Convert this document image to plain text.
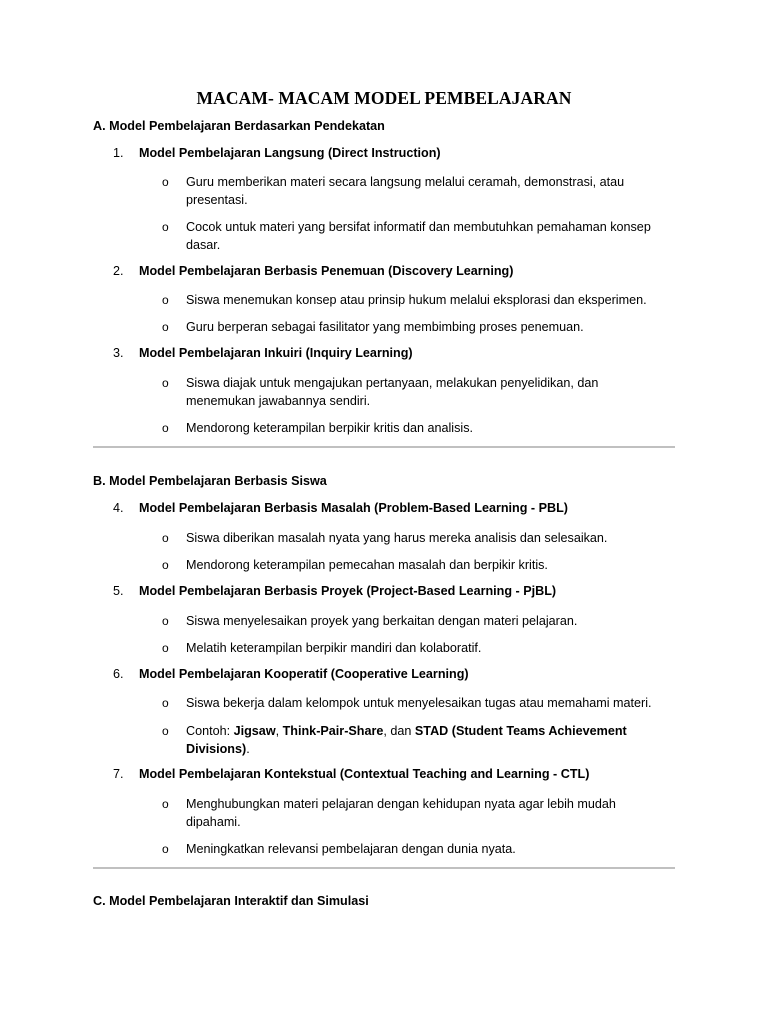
MACAM- MACAM MODEL PEMBELAJARAN
A. Model Pembelajaran Berdasarkan Pendekatan
1. Model Pembelajaran Langsung (Direct Instruction)
o	Guru memberikan materi secara langsung melalui ceramah, demonstrasi, atau presentasi.
o	Cocok untuk materi yang bersifat informatif dan membutuhkan pemahaman konsep dasar.
2. Model Pembelajaran Berbasis Penemuan (Discovery Learning)
o	Siswa menemukan konsep atau prinsip hukum melalui eksplorasi dan eksperimen.
o	Guru berperan sebagai fasilitator yang membimbing proses penemuan.
3. Model Pembelajaran Inkuiri (Inquiry Learning)
o	Siswa diajak untuk mengajukan pertanyaan, melakukan penyelidikan, dan menemukan jawabannya sendiri.
o	Mendorong keterampilan berpikir kritis dan analisis.
B. Model Pembelajaran Berbasis Siswa
4. Model Pembelajaran Berbasis Masalah (Problem-Based Learning - PBL)
o	Siswa diberikan masalah nyata yang harus mereka analisis dan selesaikan.
o	Mendorong keterampilan pemecahan masalah dan berpikir kritis.
5. Model Pembelajaran Berbasis Proyek (Project-Based Learning - PjBL)
o	Siswa menyelesaikan proyek yang berkaitan dengan materi pelajaran.
o	Melatih keterampilan berpikir mandiri dan kolaboratif.
6. Model Pembelajaran Kooperatif (Cooperative Learning)
o	Siswa bekerja dalam kelompok untuk menyelesaikan tugas atau memahami materi.
o	Contoh: Jigsaw, Think-Pair-Share, dan STAD (Student Teams Achievement Divisions).
7. Model Pembelajaran Kontekstual (Contextual Teaching and Learning - CTL)
o	Menghubungkan materi pelajaran dengan kehidupan nyata agar lebih mudah dipahami.
o	Meningkatkan relevansi pembelajaran dengan dunia nyata.
C. Model Pembelajaran Interaktif dan Simulasi
